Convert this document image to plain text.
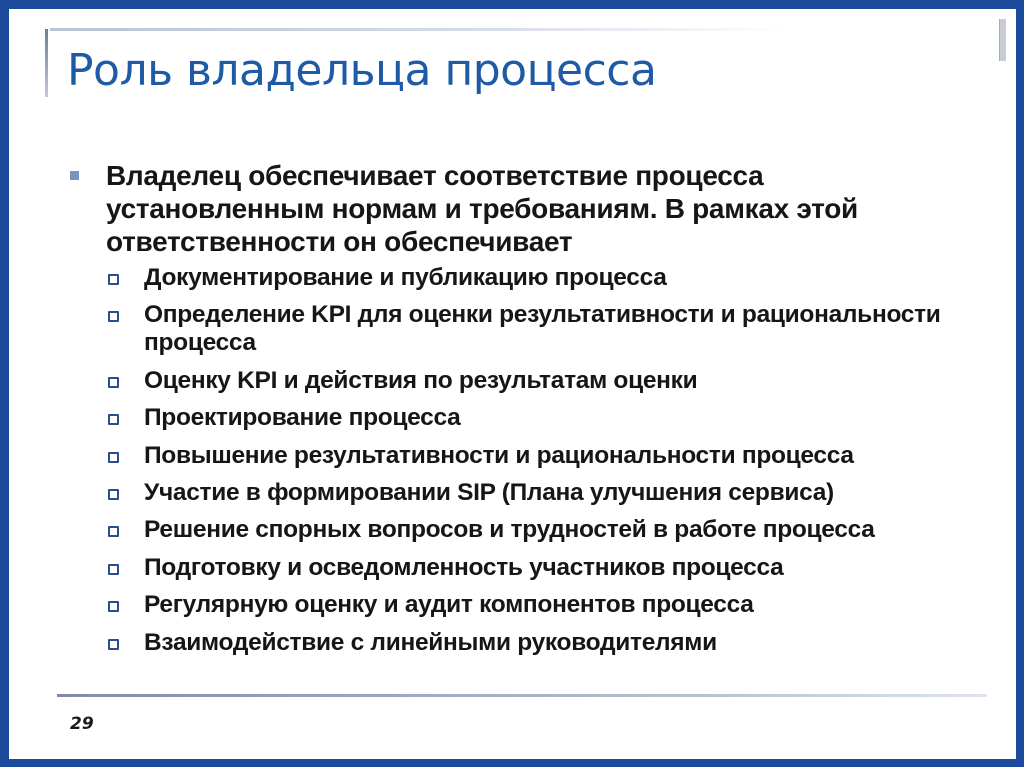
Роль владельца процесса
Владелец обеспечивает соответствие процесса установленным нормам и требованиям. В рамках этой ответственности он обеспечивает
Документирование и публикацию процесса
Определение KPI для оценки результативности и рациональности процесса
Оценку KPI и действия по результатам оценки
Проектирование процесса
Повышение результативности и рациональности процесса
Участие в формировании SIP (Плана улучшения сервиса)
Решение спорных вопросов и трудностей в работе процесса
Подготовку и осведомленность участников процесса
Регулярную оценку и аудит компонентов процесса
Взаимодействие с линейными руководителями
29
